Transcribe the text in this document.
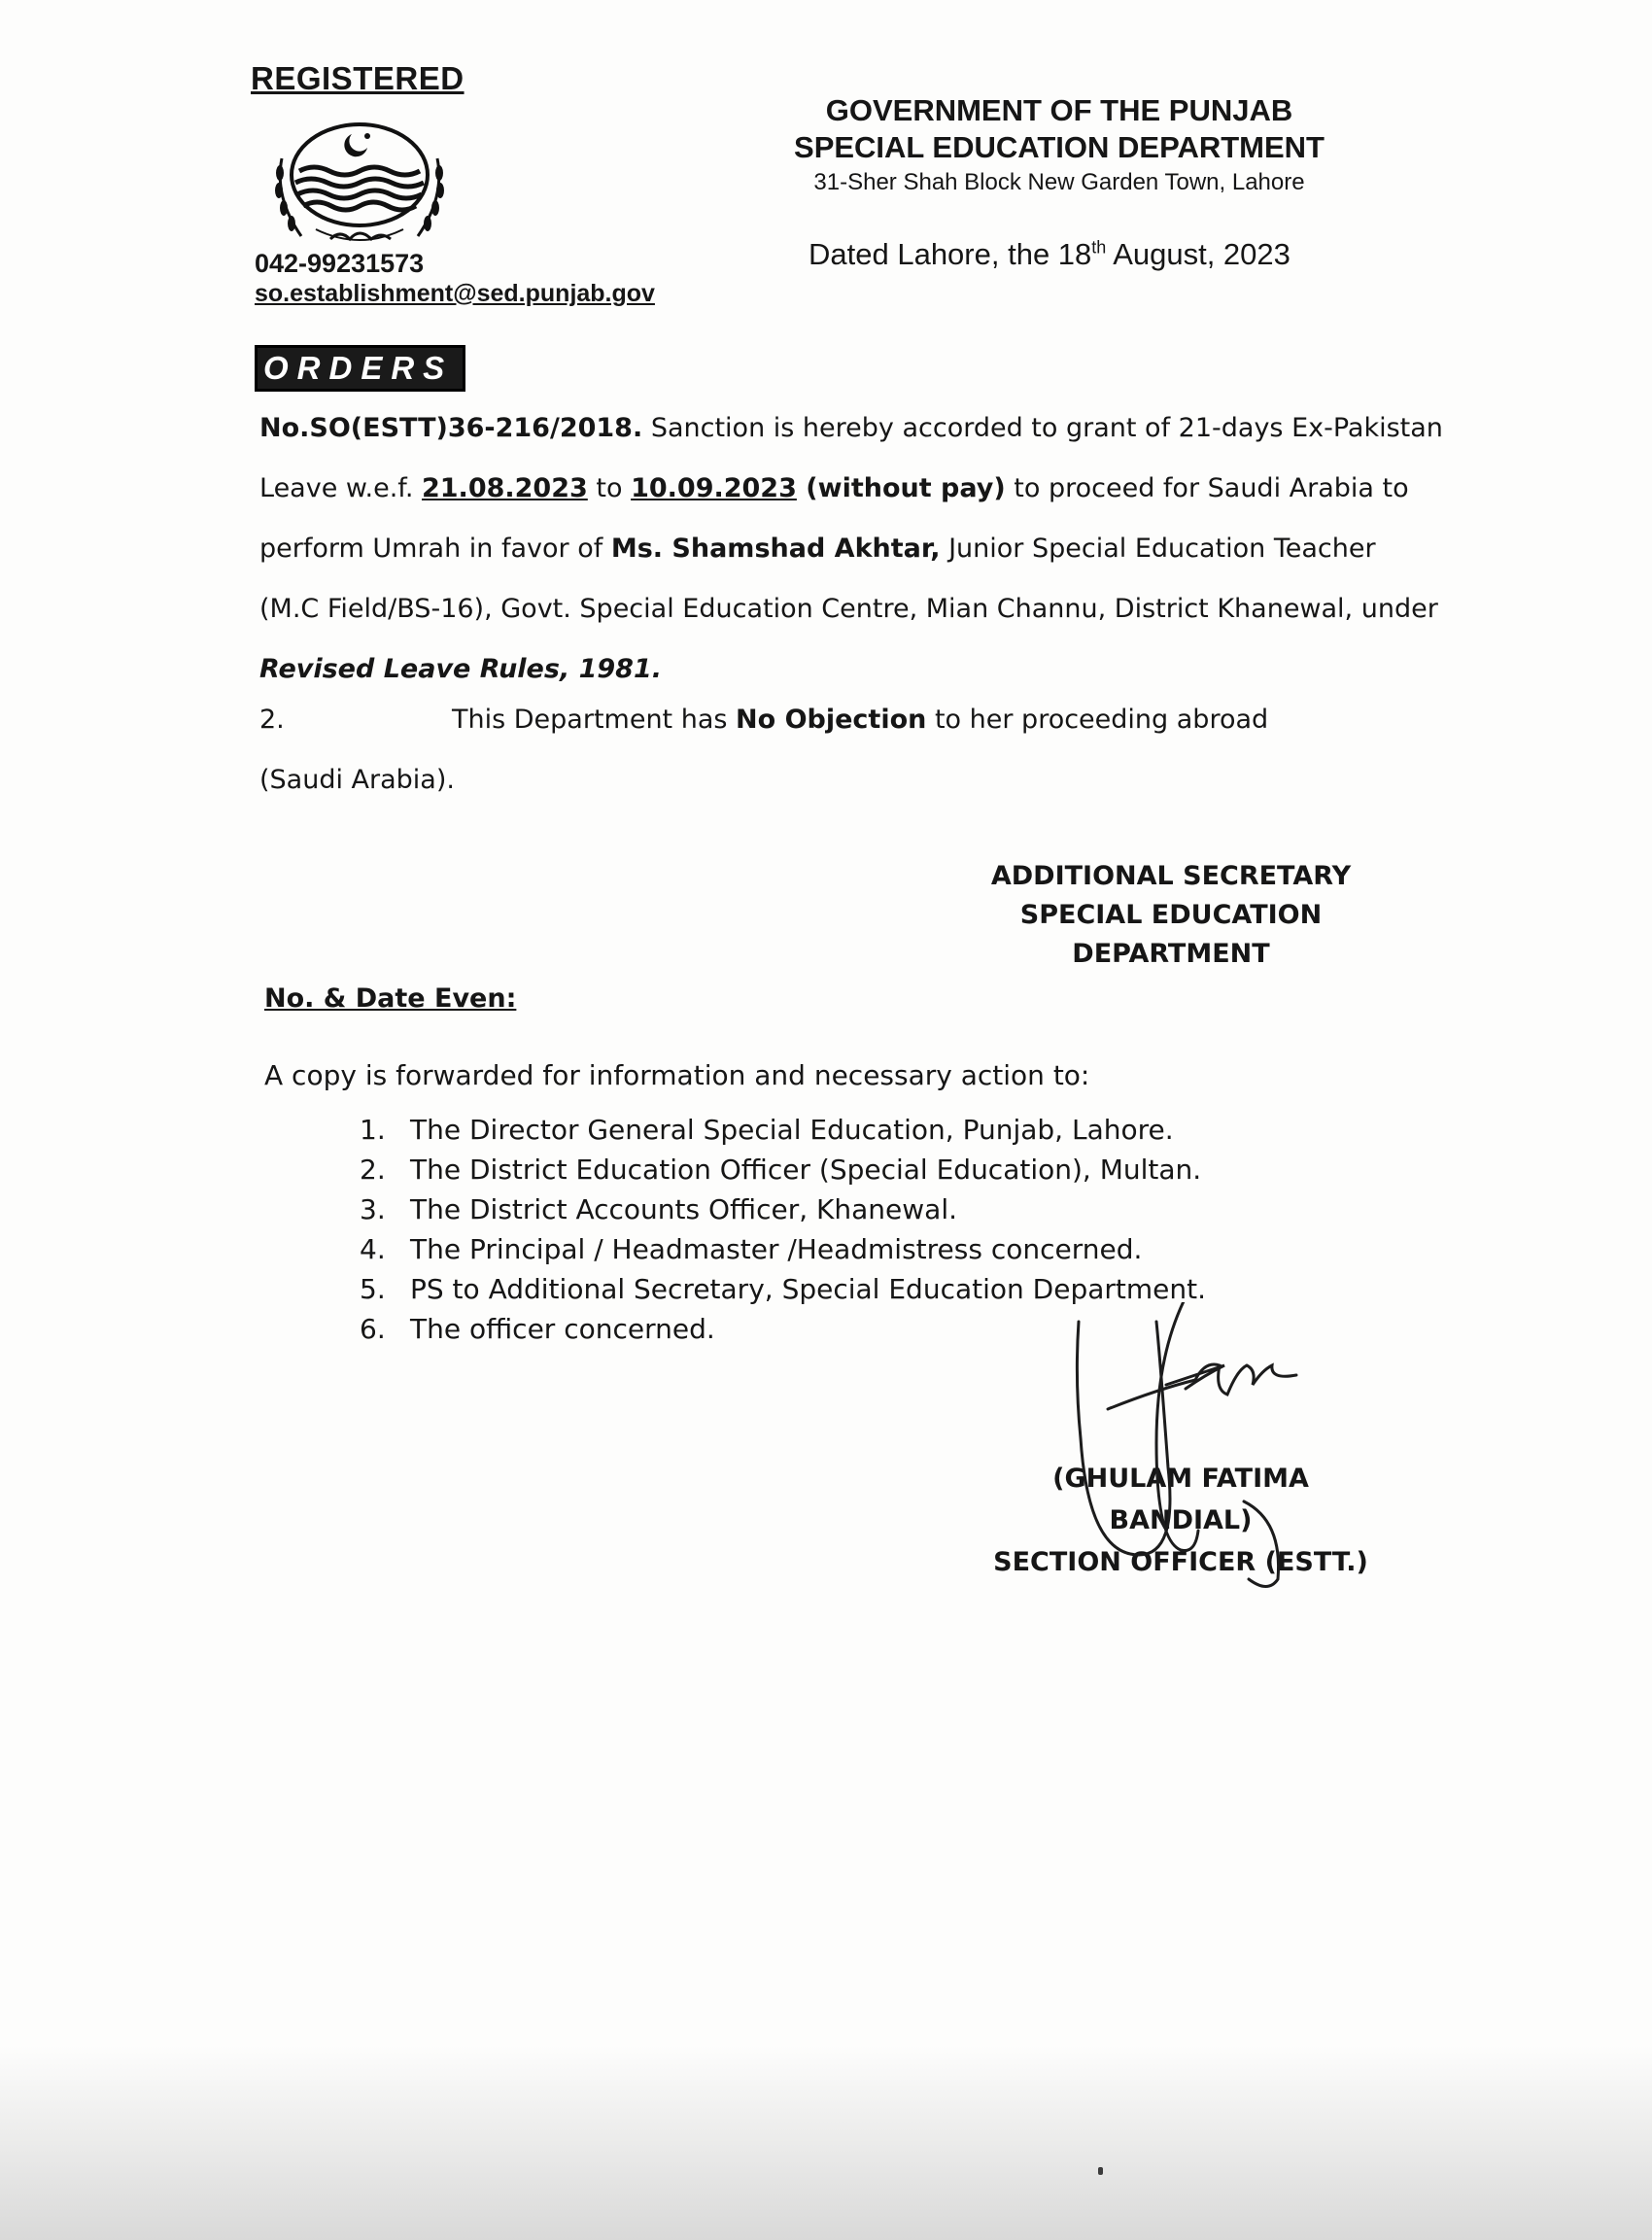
REGISTERED
042-99231573
so.establishment@sed.punjab.gov
GOVERNMENT OF THE PUNJAB
SPECIAL EDUCATION DEPARTMENT
31-Sher Shah Block New Garden Town, Lahore
Dated Lahore, the 18th August, 2023
ORDERS
No.SO(ESTT)36-216/2018. Sanction is hereby accorded to grant of 21-days Ex-Pakistan
Leave w.e.f. 21.08.2023 to 10.09.2023 (without pay) to proceed for Saudi Arabia to
perform Umrah in favor of Ms. Shamshad Akhtar, Junior Special Education Teacher
(M.C Field/BS-16), Govt. Special Education Centre, Mian Channu, District Khanewal, under
Revised Leave Rules, 1981.
2.	This Department has No Objection to her proceeding abroad
(Saudi Arabia).
ADDITIONAL SECRETARY
SPECIAL EDUCATION
DEPARTMENT
No. & Date Even:
A copy is forwarded for information and necessary action to:
1. The Director General Special Education, Punjab, Lahore.
2. The District Education Officer (Special Education), Multan.
3. The District Accounts Officer, Khanewal.
4. The Principal / Headmaster /Headmistress concerned.
5. PS to Additional Secretary, Special Education Department.
6. The officer concerned.
(GHULAM FATIMA BANDIAL)
SECTION OFFICER (ESTT.)
